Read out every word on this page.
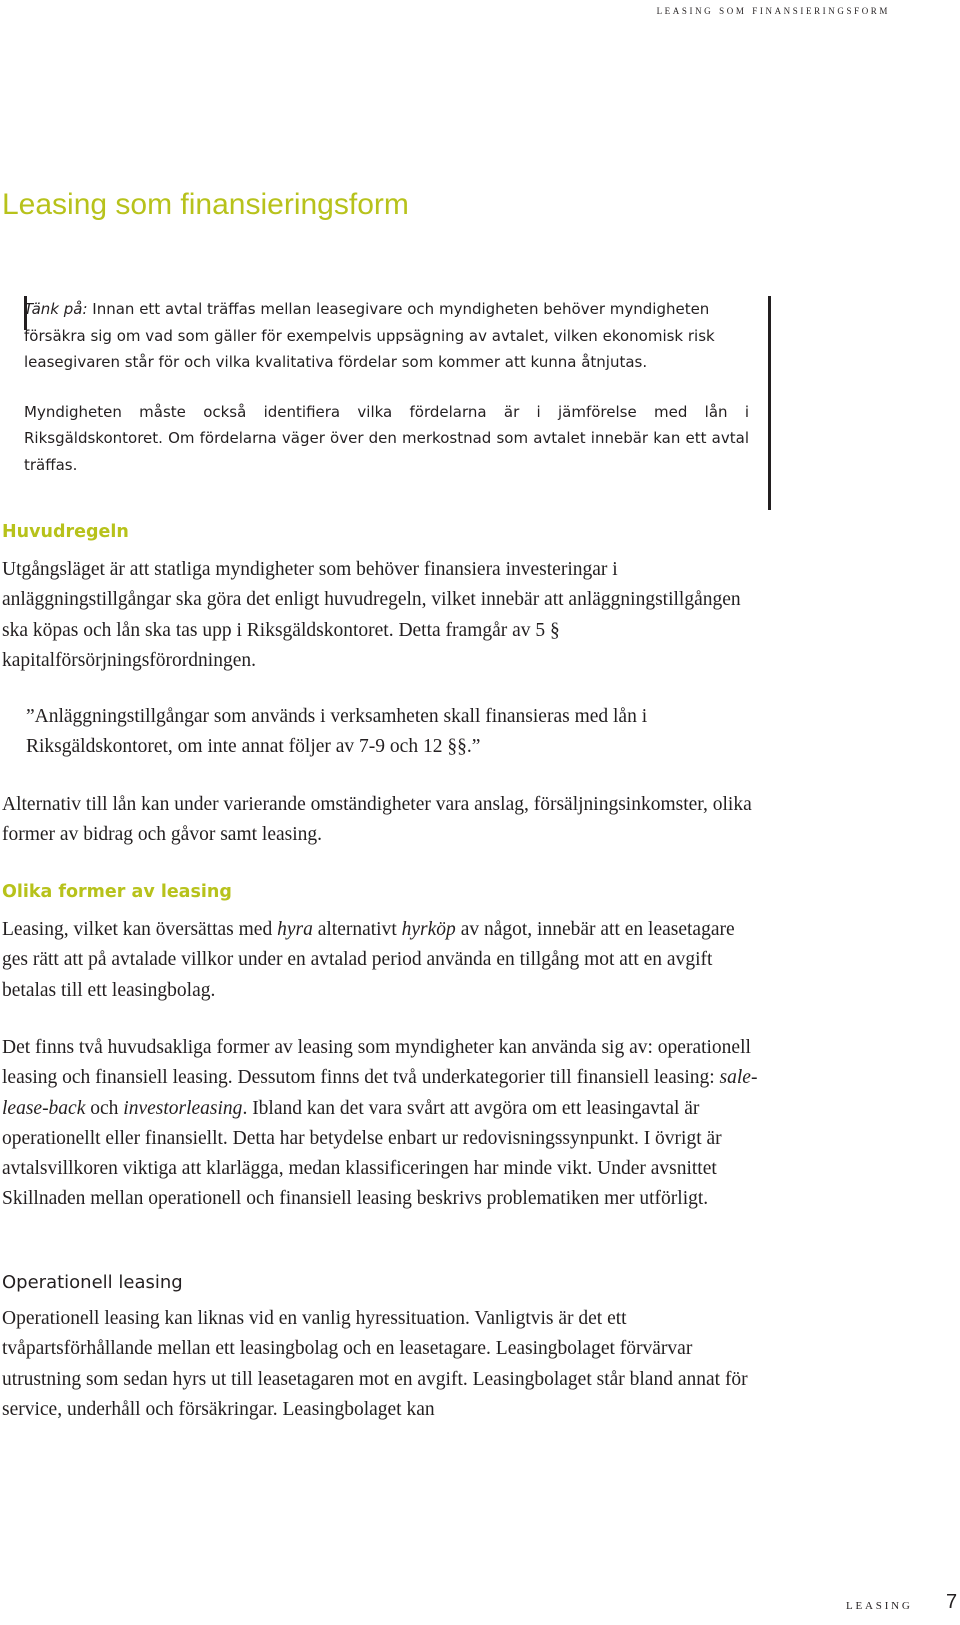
leasing som finansieringsform
Leasing som finansieringsform

Tänk på: Innan ett avtal träffas mellan leasegivare och myndigheten behöver myndigheten försäkra sig om vad som gäller för exempelvis uppsägning av avtalet, vilken ekonomisk risk leasegivaren står för och vilka kvalitativa fördelar som kommer att kunna åtnjutas.

Myndigheten måste också identifiera vilka fördelarna är i jämförelse med lån i Riksgäldskontoret. Om fördelarna väger över den merkostnad som avtalet innebär kan ett avtal träffas.

Huvudregeln

Utgångsläget är att statliga myndigheter som behöver finansiera investeringar i anläggningstillgångar ska göra det enligt huvudregeln, vilket innebär att anläggningstillgången ska köpas och lån ska tas upp i Riksgäldskontoret. Detta framgår av 5 § kapitalförsörjningsförordningen.

”Anläggningstillgångar som används i verksamheten skall finansieras med lån i Riksgäldskontoret, om inte annat följer av 7-9 och 12 §§.”

Alternativ till lån kan under varierande omständigheter vara anslag, försäljningsinkomster, olika former av bidrag och gåvor samt leasing.

Olika former av leasing

Leasing, vilket kan översättas med hyra alternativt hyrköp av något, innebär att en leasetagare ges rätt att på avtalade villkor under en avtalad period använda en tillgång mot att en avgift betalas till ett leasingbolag.

Det finns två huvudsakliga former av leasing som myndigheter kan använda sig av: operationell leasing och finansiell leasing. Dessutom finns det två underkategorier till finansiell leasing: sale-lease-back och investorleasing. Ibland kan det vara svårt att avgöra om ett leasingavtal är operationellt eller finansiellt. Detta har betydelse enbart ur redovisningssynpunkt. I övrigt är avtalsvillkoren viktiga att klarlägga, medan klassificeringen har minde vikt. Under avsnittet Skillnaden mellan operationell och finansiell leasing beskrivs problematiken mer utförligt.

Operationell leasing

Operationell leasing kan liknas vid en vanlig hyressituation. Vanligtvis är det ett tvåpartsförhållande mellan ett leasingbolag och en leasetagare. Leasingbolaget förvärvar utrustning som sedan hyrs ut till leasetagaren mot en avgift. Leasingbolaget står bland annat för service, underhåll och försäkringar. Leasingbolaget kan

leasing 7
